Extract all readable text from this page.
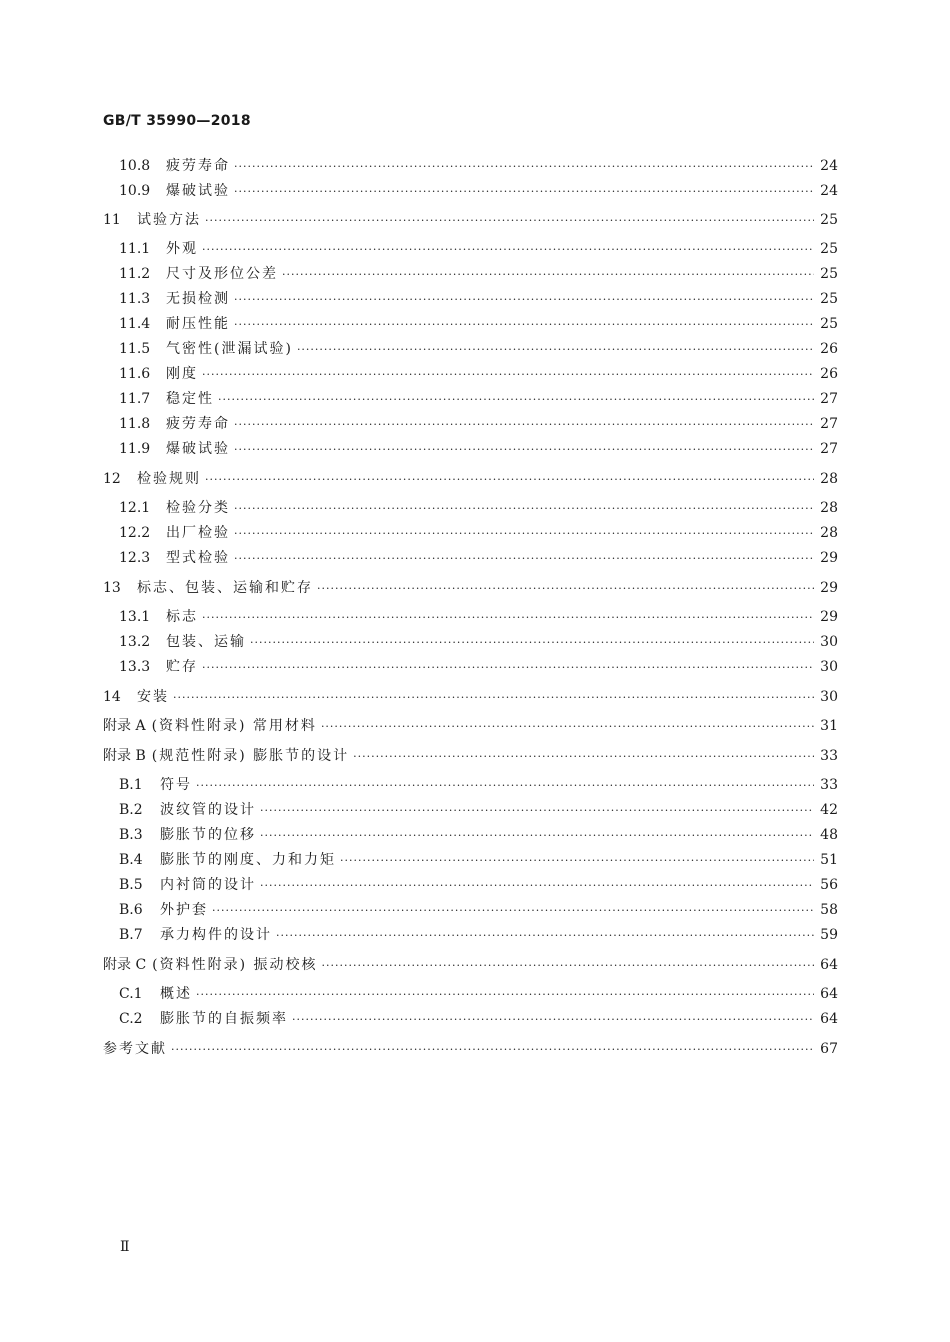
GB/T 35990—2018
10.8	疲劳寿命 ·····	24
10.9	爆破试验 ·····	24
11	试验方法 ·····	25
11.1	外观 ·····	25
11.2	尺寸及形位公差 ·····	25
11.3	无损检测 ·····	25
11.4	耐压性能 ·····	25
11.5	气密性(泄漏试验) ·····	26
11.6	刚度 ·····	26
11.7	稳定性 ·····	27
11.8	疲劳寿命 ·····	27
11.9	爆破试验 ·····	27
12	检验规则 ·····	28
12.1	检验分类 ·····	28
12.2	出厂检验 ·····	28
12.3	型式检验 ·····	29
13	标志、包装、运输和贮存 ·····	29
13.1	标志 ·····	29
13.2	包装、运输 ·····	30
13.3	贮存 ·····	30
14	安装 ·····	30
附录 A (资料性附录) 常用材料 ·····	31
附录 B (规范性附录) 膨胀节的设计 ·····	33
B.1	符号 ·····	33
B.2	波纹管的设计 ·····	42
B.3	膨胀节的位移 ·····	48
B.4	膨胀节的刚度、力和力矩 ·····	51
B.5	内衬筒的设计 ·····	56
B.6	外护套 ·····	58
B.7	承力构件的设计 ·····	59
附录 C (资料性附录) 振动校核 ·····	64
C.1	概述 ·····	64
C.2	膨胀节的自振频率 ·····	64
参考文献 ·····	67
Ⅱ
